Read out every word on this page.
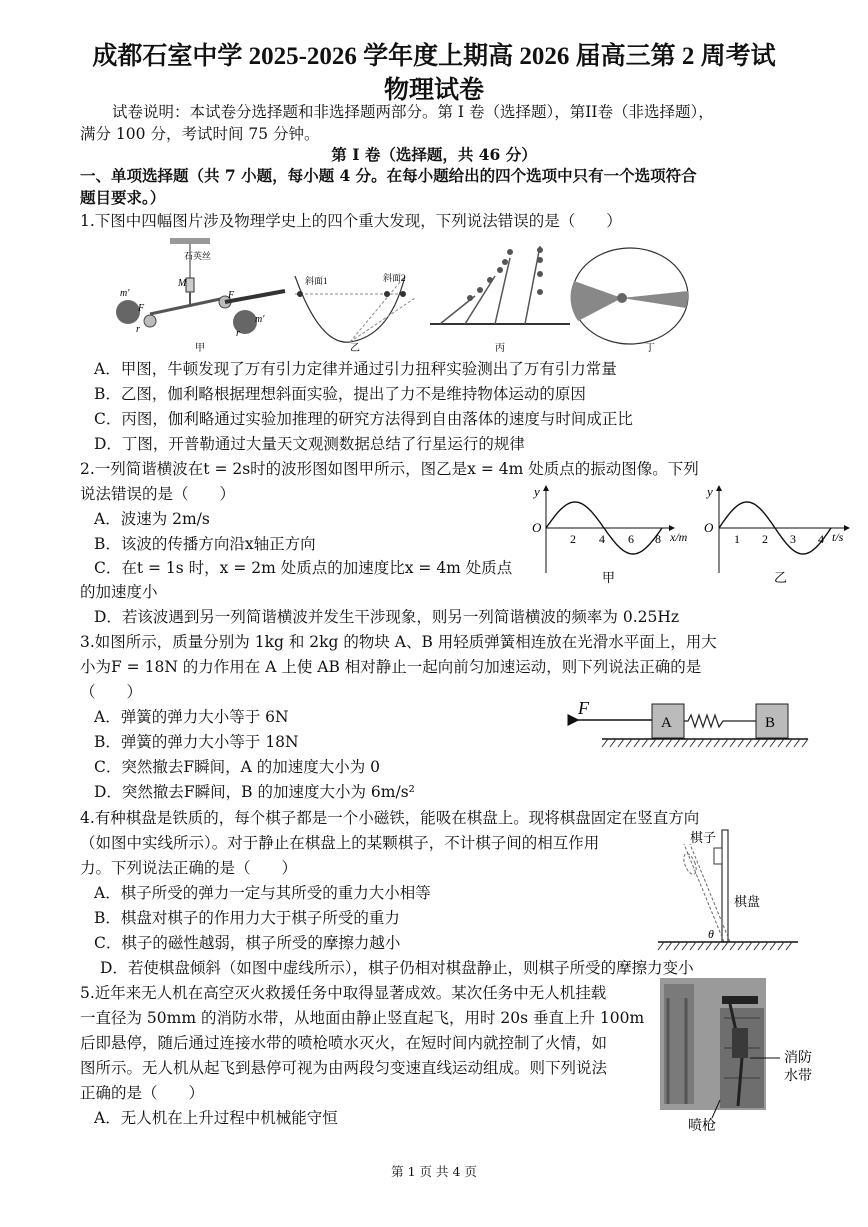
成都石室中学 2025-2026 学年度上期高 2026 届高三第 2 周考试
物理试卷
试卷说明：本试卷分选择题和非选择题两部分。第 I 卷（选择题），第II卷（非选择题），
满分 100 分，考试时间 75 分钟。
第 I 卷（选择题，共 46 分）
一、单项选择题（共 7 小题，每小题 4 分。在每小题给出的四个选项中只有一个选项符合
题目要求。）
1.下图中四幅图片涉及物理学史上的四个重大发现，下列说法错误的是（　　）
石英丝
M
m′
m′
F
F
r	r
甲
斜面1	斜面2
乙	丙	丁
A．甲图，牛顿发现了万有引力定律并通过引力扭秤实验测出了万有引力常量
B．乙图，伽利略根据理想斜面实验，提出了力不是维持物体运动的原因
C．丙图，伽利略通过实验加推理的研究方法得到自由落体的速度与时间成正比
D．丁图，开普勒通过大量天文观测数据总结了行星运行的规律
2.一列简谐横波在t = 2s时的波形图如图甲所示，图乙是x = 4m 处质点的振动图像。下列
说法错误的是（　　）
A．波速为 2m/s
B．该波的传播方向沿x轴正方向
C．在t = 1s 时，x = 2m 处质点的加速度比x = 4m 处质点
的加速度小
D．若该波遇到另一列简谐横波并发生干涉现象，则另一列简谐横波的频率为 0.25Hz
y
O
2 4 6 8 x/m
甲
y
O
1 2 3 4 t/s
乙
3.如图所示，质量分别为 1kg 和 2kg 的物块 A、B 用轻质弹簧相连放在光滑水平面上，用大
小为F = 18N 的力作用在 A 上使 AB 相对静止一起向前匀加速运动，则下列说法正确的是
（　　）
A．弹簧的弹力大小等于 6N
B．弹簧的弹力大小等于 18N
C．突然撤去F瞬间，A 的加速度大小为 0
D．突然撤去F瞬间，B 的加速度大小为 6m/s²
F
A	B
4.有种棋盘是铁质的，每个棋子都是一个小磁铁，能吸在棋盘上。现将棋盘固定在竖直方向
（如图中实线所示）。对于静止在棋盘上的某颗棋子，不计棋子间的相互作用
力。下列说法正确的是（　　）
A．棋子所受的弹力一定与其所受的重力大小相等
B．棋盘对棋子的作用力大于棋子所受的重力
C．棋子的磁性越弱，棋子所受的摩擦力越小
D．若使棋盘倾斜（如图中虚线所示），棋子仍相对棋盘静止，则棋子所受的摩擦力变小
棋子
棋盘
θ
5.近年来无人机在高空灭火救援任务中取得显著成效。某次任务中无人机挂载
一直径为 50mm 的消防水带，从地面由静止竖直起飞，用时 20s 垂直上升 100m
后即悬停，随后通过连接水带的喷枪喷水灭火，在短时间内就控制了火情，如
图所示。无人机从起飞到悬停可视为由两段匀变速直线运动组成。则下列说法
正确的是（　　）
A．无人机在上升过程中机械能守恒
消防
水带
喷枪
第 1 页 共 4 页
